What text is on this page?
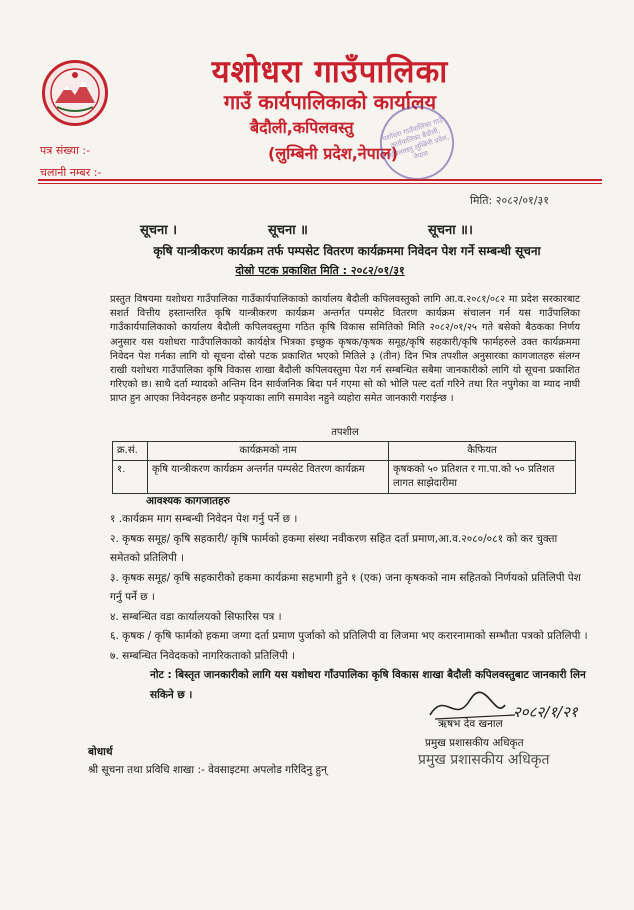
यशोधरा गाउँपालिका
गाउँ कार्यपालिकाको कार्यालय
बैदौली,कपिलवस्तु
(लुम्बिनी प्रदेश,नेपाल)
यशोधरा गाउँपालिका गाउँ कार्यपालिका बैदौली, कपिलवस्तु लुम्बिनी प्रदेश, नेपाल
पत्र संख्या :-
चलानी नम्बर :-
मिति: २०८२/०१/३१
सूचना ।	सूचना ॥	सूचना ॥।
कृषि यान्त्रीकरण कार्यक्रम तर्फ पम्पसेट वितरण कार्यक्रममा निवेदन पेश गर्ने सम्बन्धी सूचना
दोस्रो पटक प्रकाशित मिति : २०८२/०१/३१
प्रस्तुत विषयमा यशोधरा गाउँपालिका गाउँकार्यपालिकाको कार्यालय बैदौली कपिलवस्तुको लागि आ.व.२०८१/०८२ मा प्रदेश सरकारबाट सशर्त वित्तीय हस्तान्तरित कृषि यान्त्रीकरण कार्यक्रम अन्तर्गत पम्पसेट वितरण कार्यक्रम संचालन गर्न यस गाउँपालिका गाउँकार्यपालिकाको कार्यालय बैदौली कपिलवस्तुमा गठित कृषि विकास समितिको मिति २०८२/०१/२५ गते बसेको बैठकका निर्णय अनुसार यस यशोधरा गाउँपालिकाको कार्यक्षेत्र भित्रका इच्छुक कृषक/कृषक समूह/कृषि सहकारी/कृषि फार्महरुले उक्त कार्यक्रममा निवेदन पेश गर्नका लागि यो सूचना दोस्रो पटक प्रकाशित भएको मितिले ३ (तीन) दिन भित्र तपशील अनुसारका कागजातहरु संलग्न राखी यशोधरा गाउँपालिका कृषि विकास शाखा बैदौली कपिलवस्तुमा पेश गर्न सम्बन्धित सबैमा जानकारीको लागि यो सूचना प्रकाशित गरिएको छ। साथै दर्ता म्यादको अन्तिम दिन सार्वजनिक बिदा पर्न गएमा सो को भोलि पल्ट दर्ता गरिने तथा रित नपुगेका वा म्याद नाघी प्राप्त हुन आएका निवेदनहरु छनौट प्रकृयाका लागि समावेश नहुने व्यहोरा समेत जानकारी गराईन्छ ।
तपशील
क्र.सं.	कार्यक्रमको नाम	कैफियत
१.	कृषि यान्त्रीकरण कार्यक्रम अन्तर्गत पम्पसेट वितरण कार्यक्रम	कृषकको ५० प्रतिशत र गा.पा.को ५० प्रतिशत लागत साझेदारीमा
आवश्यक कागजातहरु
१ .कार्यक्रम माग सम्बन्धी निवेदन पेश गर्नु पर्ने छ ।
२. कृषक समूह/ कृषि सहकारी/ कृषि फार्मको हकमा संस्था नवीकरण सहित दर्ता प्रमाण,आ.व.२०८०/०८१ को कर चुक्ता समेतको प्रतिलिपी ।
३. कृषक समूह/ कृषि सहकारीको हकमा कार्यक्रमा सहभागी हुने १ (एक) जना कृषकको नाम सहितको निर्णयको प्रतिलिपी पेश गर्नु पर्ने छ ।
४. सम्बन्धित वडा कार्यालयको सिफारिस पत्र ।
६. कृषक / कृषि फार्मको हकमा जग्गा दर्ता प्रमाण पुर्जाको को प्रतिलिपी वा लिजमा भए करारनामाको सम्भौता पत्रको प्रतिलिपी ।
७. सम्बन्धित निवेदकको नागरिकताको प्रतिलिपी ।
नोट : बिस्तृत जानकारीको लागि यस यशोधरा गाँउपालिका कृषि विकास शाखा बैदौली कपिलवस्तुबाट जानकारी लिन सकिने छ ।
२०८२/१/२१
ऋषभ देव खनाल
प्रमुख प्रशासकीय अधिकृत
प्रमुख प्रशासकीय अधिकृत
बोधार्थ
श्री सूचना तथा प्रविधि शाखा :- वेवसाइटमा अपलोड गरिदिनु हुन्
